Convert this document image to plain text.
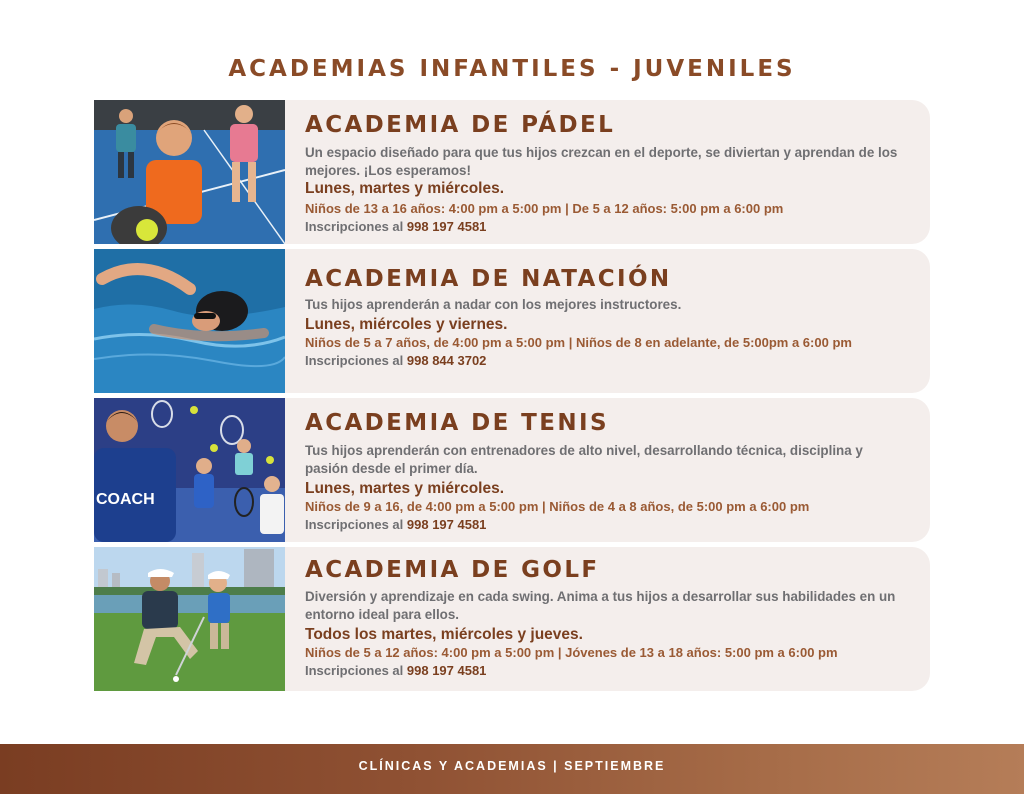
ACADEMIAS INFANTILES - JUVENILES
ACADEMIA DE PÁDEL
Un espacio diseñado para que tus hijos crezcan en el deporte, se diviertan y aprendan de los mejores. ¡Los esperamos!
Lunes, martes y miércoles.
Niños de 13 a 16 años: 4:00 pm a 5:00 pm | De 5 a 12 años: 5:00 pm a 6:00 pm
Inscripciones al 998 197 4581
ACADEMIA DE NATACIÓN
Tus hijos aprenderán a nadar con los mejores instructores.
Lunes, miércoles y viernes.
Niños de 5 a 7 años, de 4:00 pm a 5:00 pm | Niños de 8 en adelante, de 5:00pm a 6:00 pm
Inscripciones al 998 844 3702
COACH
ACADEMIA DE TENIS
Tus hijos aprenderán con entrenadores de alto nivel, desarrollando técnica, disciplina y pasión desde el primer día.
Lunes, martes y miércoles.
Niños de 9 a 16, de 4:00 pm a 5:00 pm | Niños de 4 a 8 años, de 5:00 pm a 6:00 pm
Inscripciones al 998 197 4581
ACADEMIA DE GOLF
Diversión y aprendizaje en cada swing. Anima a tus hijos a desarrollar sus habilidades en un entorno ideal para ellos.
Todos los martes, miércoles y jueves.
Niños de 5 a 12 años: 4:00 pm a 5:00 pm | Jóvenes de 13 a 18 años: 5:00 pm a 6:00 pm
Inscripciones al 998 197 4581
CLÍNICAS Y ACADEMIAS | SEPTIEMBRE
